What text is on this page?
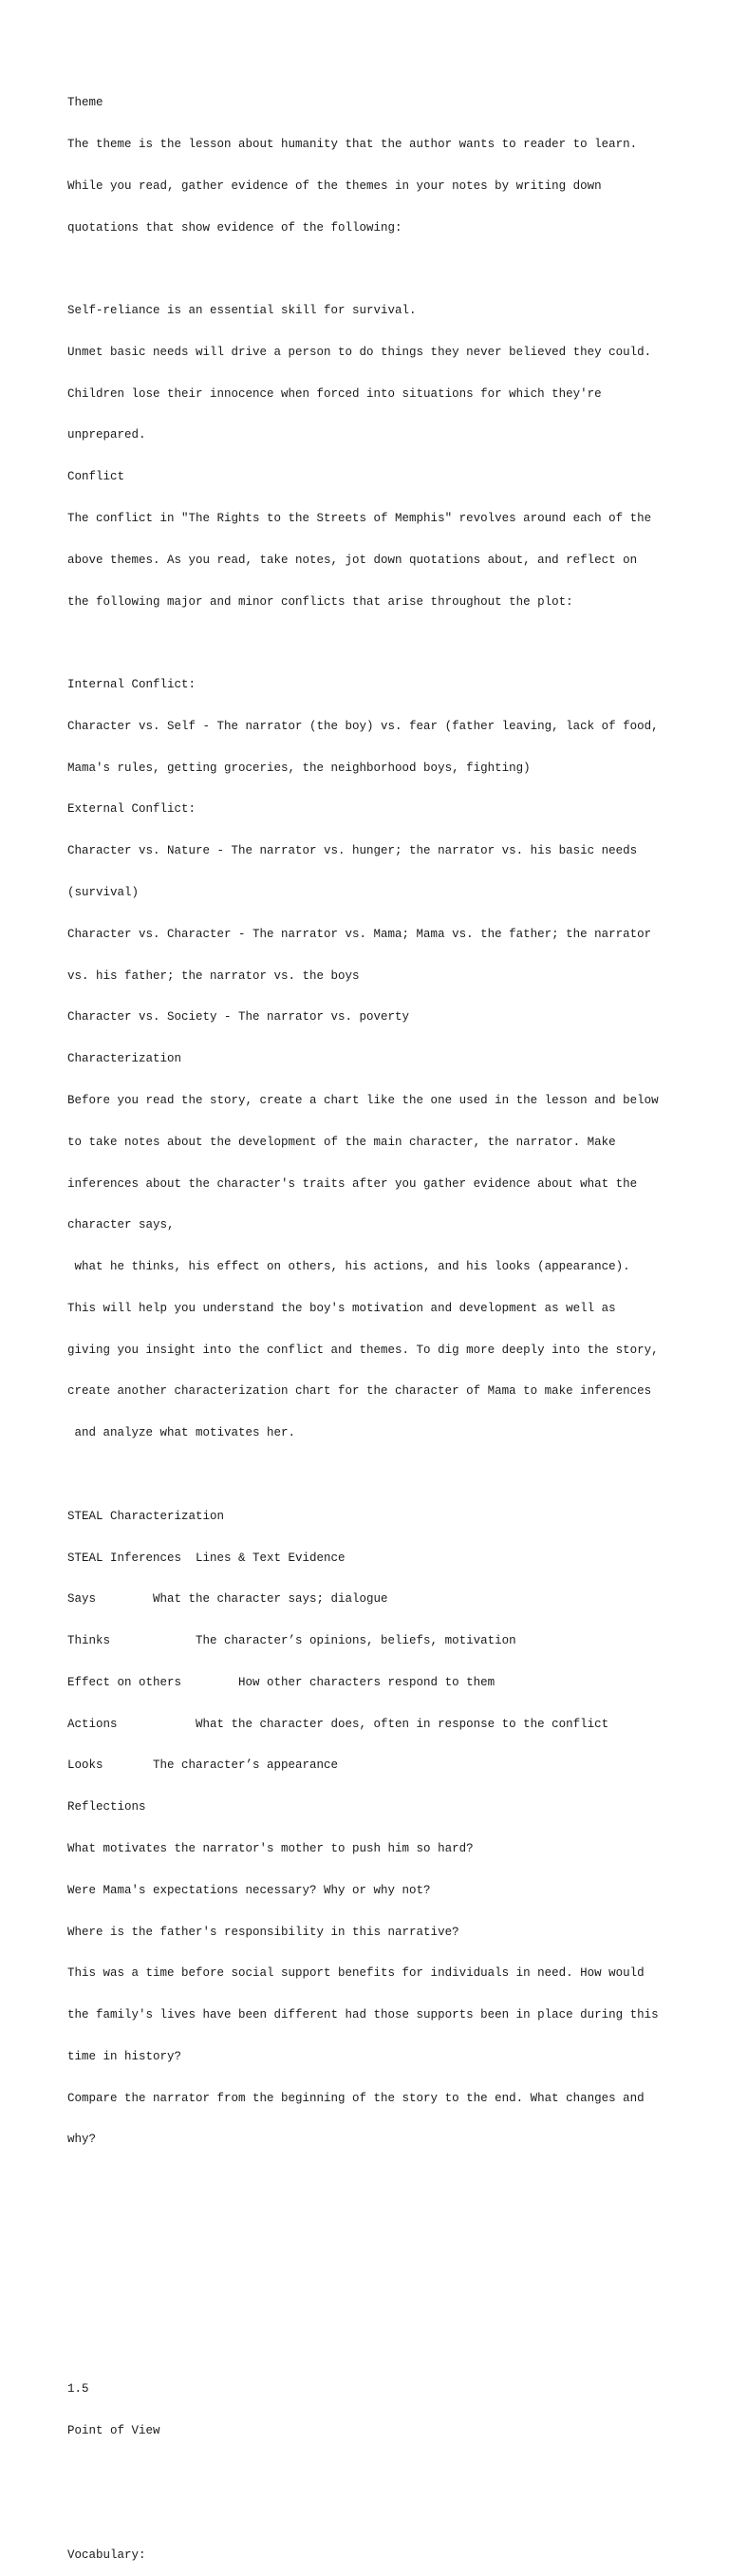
Theme

The theme is the lesson about humanity that the author wants to reader to learn.

While you read, gather evidence of the themes in your notes by writing down

quotations that show evidence of the following:

Self-reliance is an essential skill for survival.

Unmet basic needs will drive a person to do things they never believed they could.

Children lose their innocence when forced into situations for which they're

unprepared.

Conflict

The conflict in "The Rights to the Streets of Memphis" revolves around each of the

above themes. As you read, take notes, jot down quotations about, and reflect on

the following major and minor conflicts that arise throughout the plot:

Internal Conflict:

Character vs. Self - The narrator (the boy) vs. fear (father leaving, lack of food,

Mama's rules, getting groceries, the neighborhood boys, fighting)

External Conflict:

Character vs. Nature - The narrator vs. hunger; the narrator vs. his basic needs

(survival)

Character vs. Character - The narrator vs. Mama; Mama vs. the father; the narrator

vs. his father; the narrator vs. the boys

Character vs. Society - The narrator vs. poverty

Characterization

Before you read the story, create a chart like the one used in the lesson and below

to take notes about the development of the main character, the narrator. Make

inferences about the character's traits after you gather evidence about what the

character says,

what he thinks, his effect on others, his actions, and his looks (appearance).

This will help you understand the boy's motivation and development as well as

giving you insight into the conflict and themes. To dig more deeply into the story,

create another characterization chart for the character of Mama to make inferences

and analyze what motivates her.

STEAL Characterization

STEAL Inferences  Lines & Text Evidence

Says        What the character says; dialogue

Thinks            The character’s opinions, beliefs, motivation

Effect on others        How other characters respond to them

Actions           What the character does, often in response to the conflict

Looks       The character’s appearance

Reflections

What motivates the narrator's mother to push him so hard?

Were Mama's expectations necessary? Why or why not?

Where is the father's responsibility in this narrative?

This was a time before social support benefits for individuals in need. How would

the family's lives have been different had those supports been in place during this

time in history?

Compare the narrator from the beginning of the story to the end. What changes and

why?

1.5

Point of View

Vocabulary:
